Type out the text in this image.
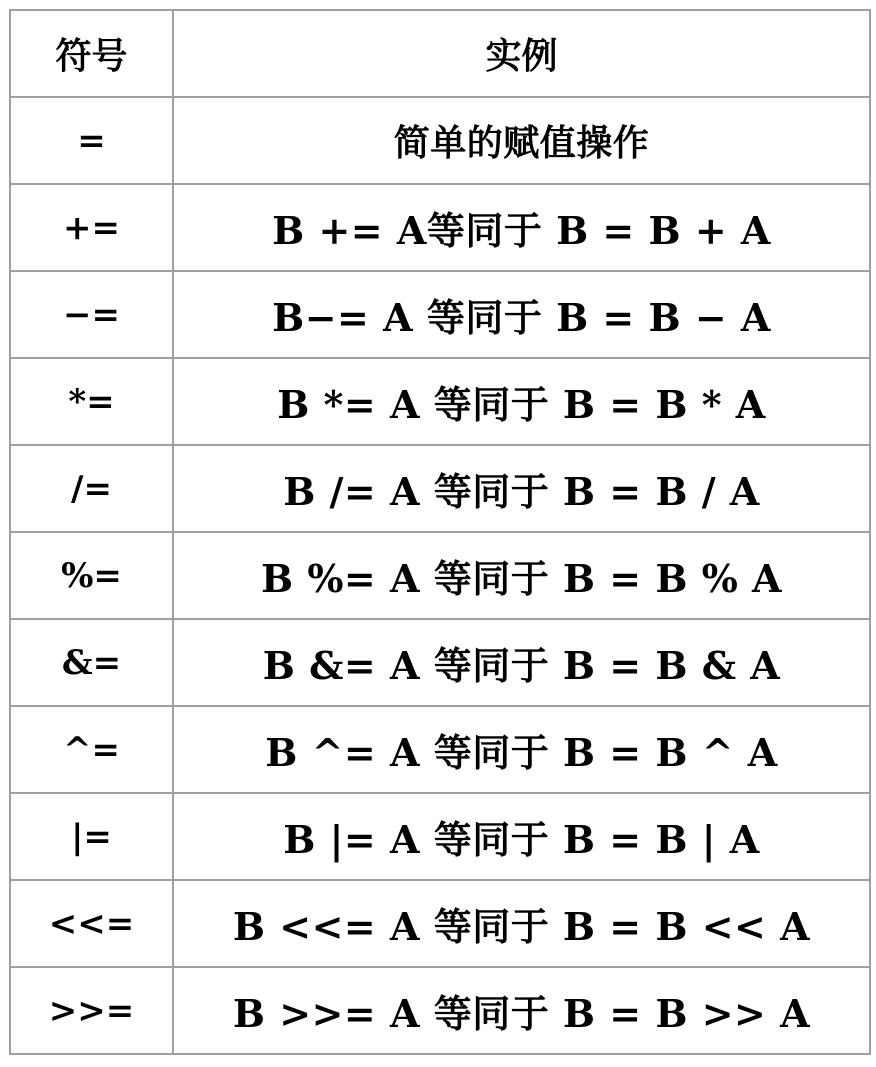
符号	实例
=	简单的赋值操作
+=	B += A等同于 B = B + A
−=	B−= A 等同于 B = B − A
*=	B *= A 等同于 B = B * A
/=	B /= A 等同于 B = B / A
%=	B %= A 等同于 B = B % A
&=	B &= A 等同于 B = B & A
^=	B ^= A 等同于 B = B ^ A
|=	B |= A 等同于 B = B | A
<<=	B <<= A 等同于 B = B << A
>>=	B >>= A 等同于 B = B >> A
